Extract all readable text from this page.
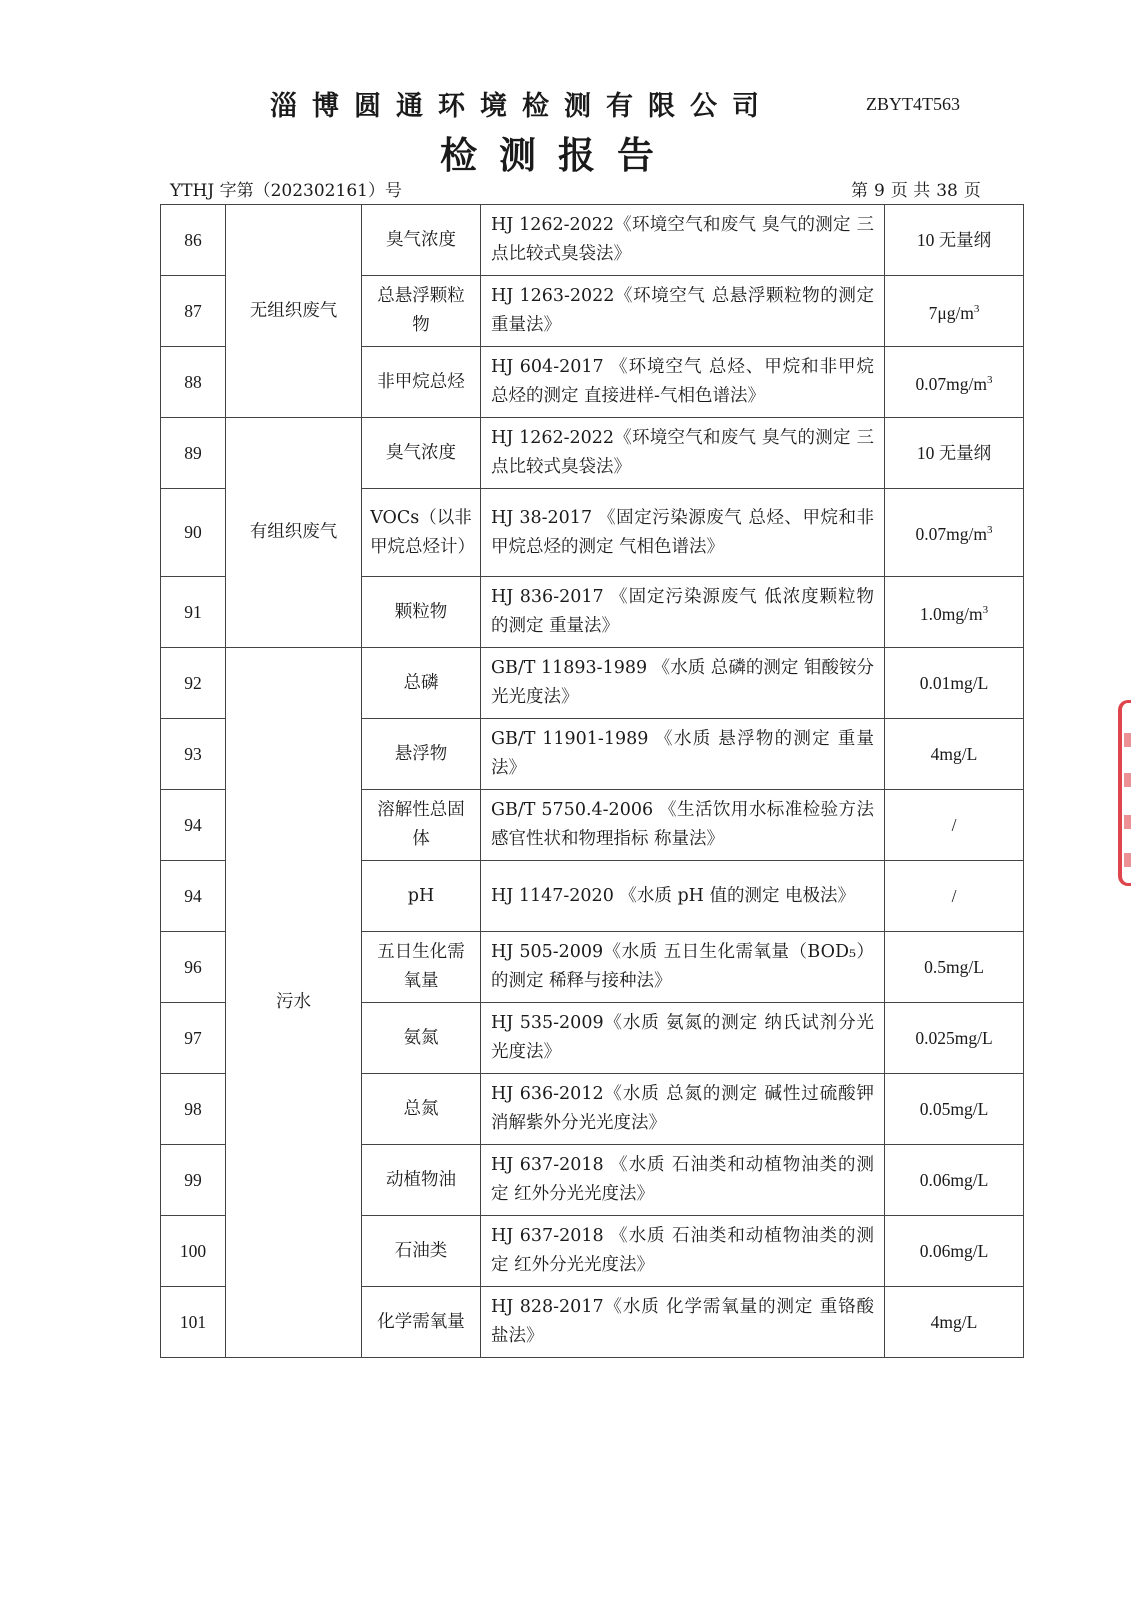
淄博圆通环境检测有限公司	ZBYT4T563
检测报告
YTHJ 字第（202302161）号	第 9 页 共 38 页
86	无组织废气	臭气浓度	HJ 1262-2022《环境空气和废气 臭气的测定 三点比较式臭袋法》	10 无量纲
87		总悬浮颗粒物	HJ 1263-2022《环境空气 总悬浮颗粒物的测定 重量法》	$7\mu g/m^3$
88		非甲烷总烃	HJ 604-2017 《环境空气 总烃、甲烷和非甲烷总烃的测定 直接进样-气相色谱法》	$0.07mg/m^3$
89	有组织废气	臭气浓度	HJ 1262-2022《环境空气和废气 臭气的测定 三点比较式臭袋法》	10 无量纲
90		VOCs（以非甲烷总烃计）	HJ 38-2017 《固定污染源废气 总烃、甲烷和非甲烷总烃的测定 气相色谱法》	$0.07mg/m^3$
91		颗粒物	HJ 836-2017 《固定污染源废气 低浓度颗粒物的测定 重量法》	$1.0mg/m^3$
92	污水	总磷	GB/T 11893-1989 《水质 总磷的测定 钼酸铵分光光度法》	0.01mg/L
93		悬浮物	GB/T 11901-1989 《水质 悬浮物的测定 重量法》	4mg/L
94		溶解性总固体	GB/T 5750.4-2006 《生活饮用水标准检验方法 感官性状和物理指标 称量法》	/
94		pH	HJ 1147-2020 《水质 pH 值的测定 电极法》	/
96		五日生化需氧量	HJ 505-2009《水质 五日生化需氧量（BOD₅）的测定 稀释与接种法》	0.5mg/L
97		氨氮	HJ 535-2009《水质 氨氮的测定 纳氏试剂分光光度法》	0.025mg/L
98		总氮	HJ 636-2012《水质 总氮的测定 碱性过硫酸钾消解紫外分光光度法》	0.05mg/L
99		动植物油	HJ 637-2018 《水质 石油类和动植物油类的测定 红外分光光度法》	0.06mg/L
100		石油类	HJ 637-2018 《水质 石油类和动植物油类的测定 红外分光光度法》	0.06mg/L
101		化学需氧量	HJ 828-2017《水质 化学需氧量的测定 重铬酸盐法》	4mg/L
